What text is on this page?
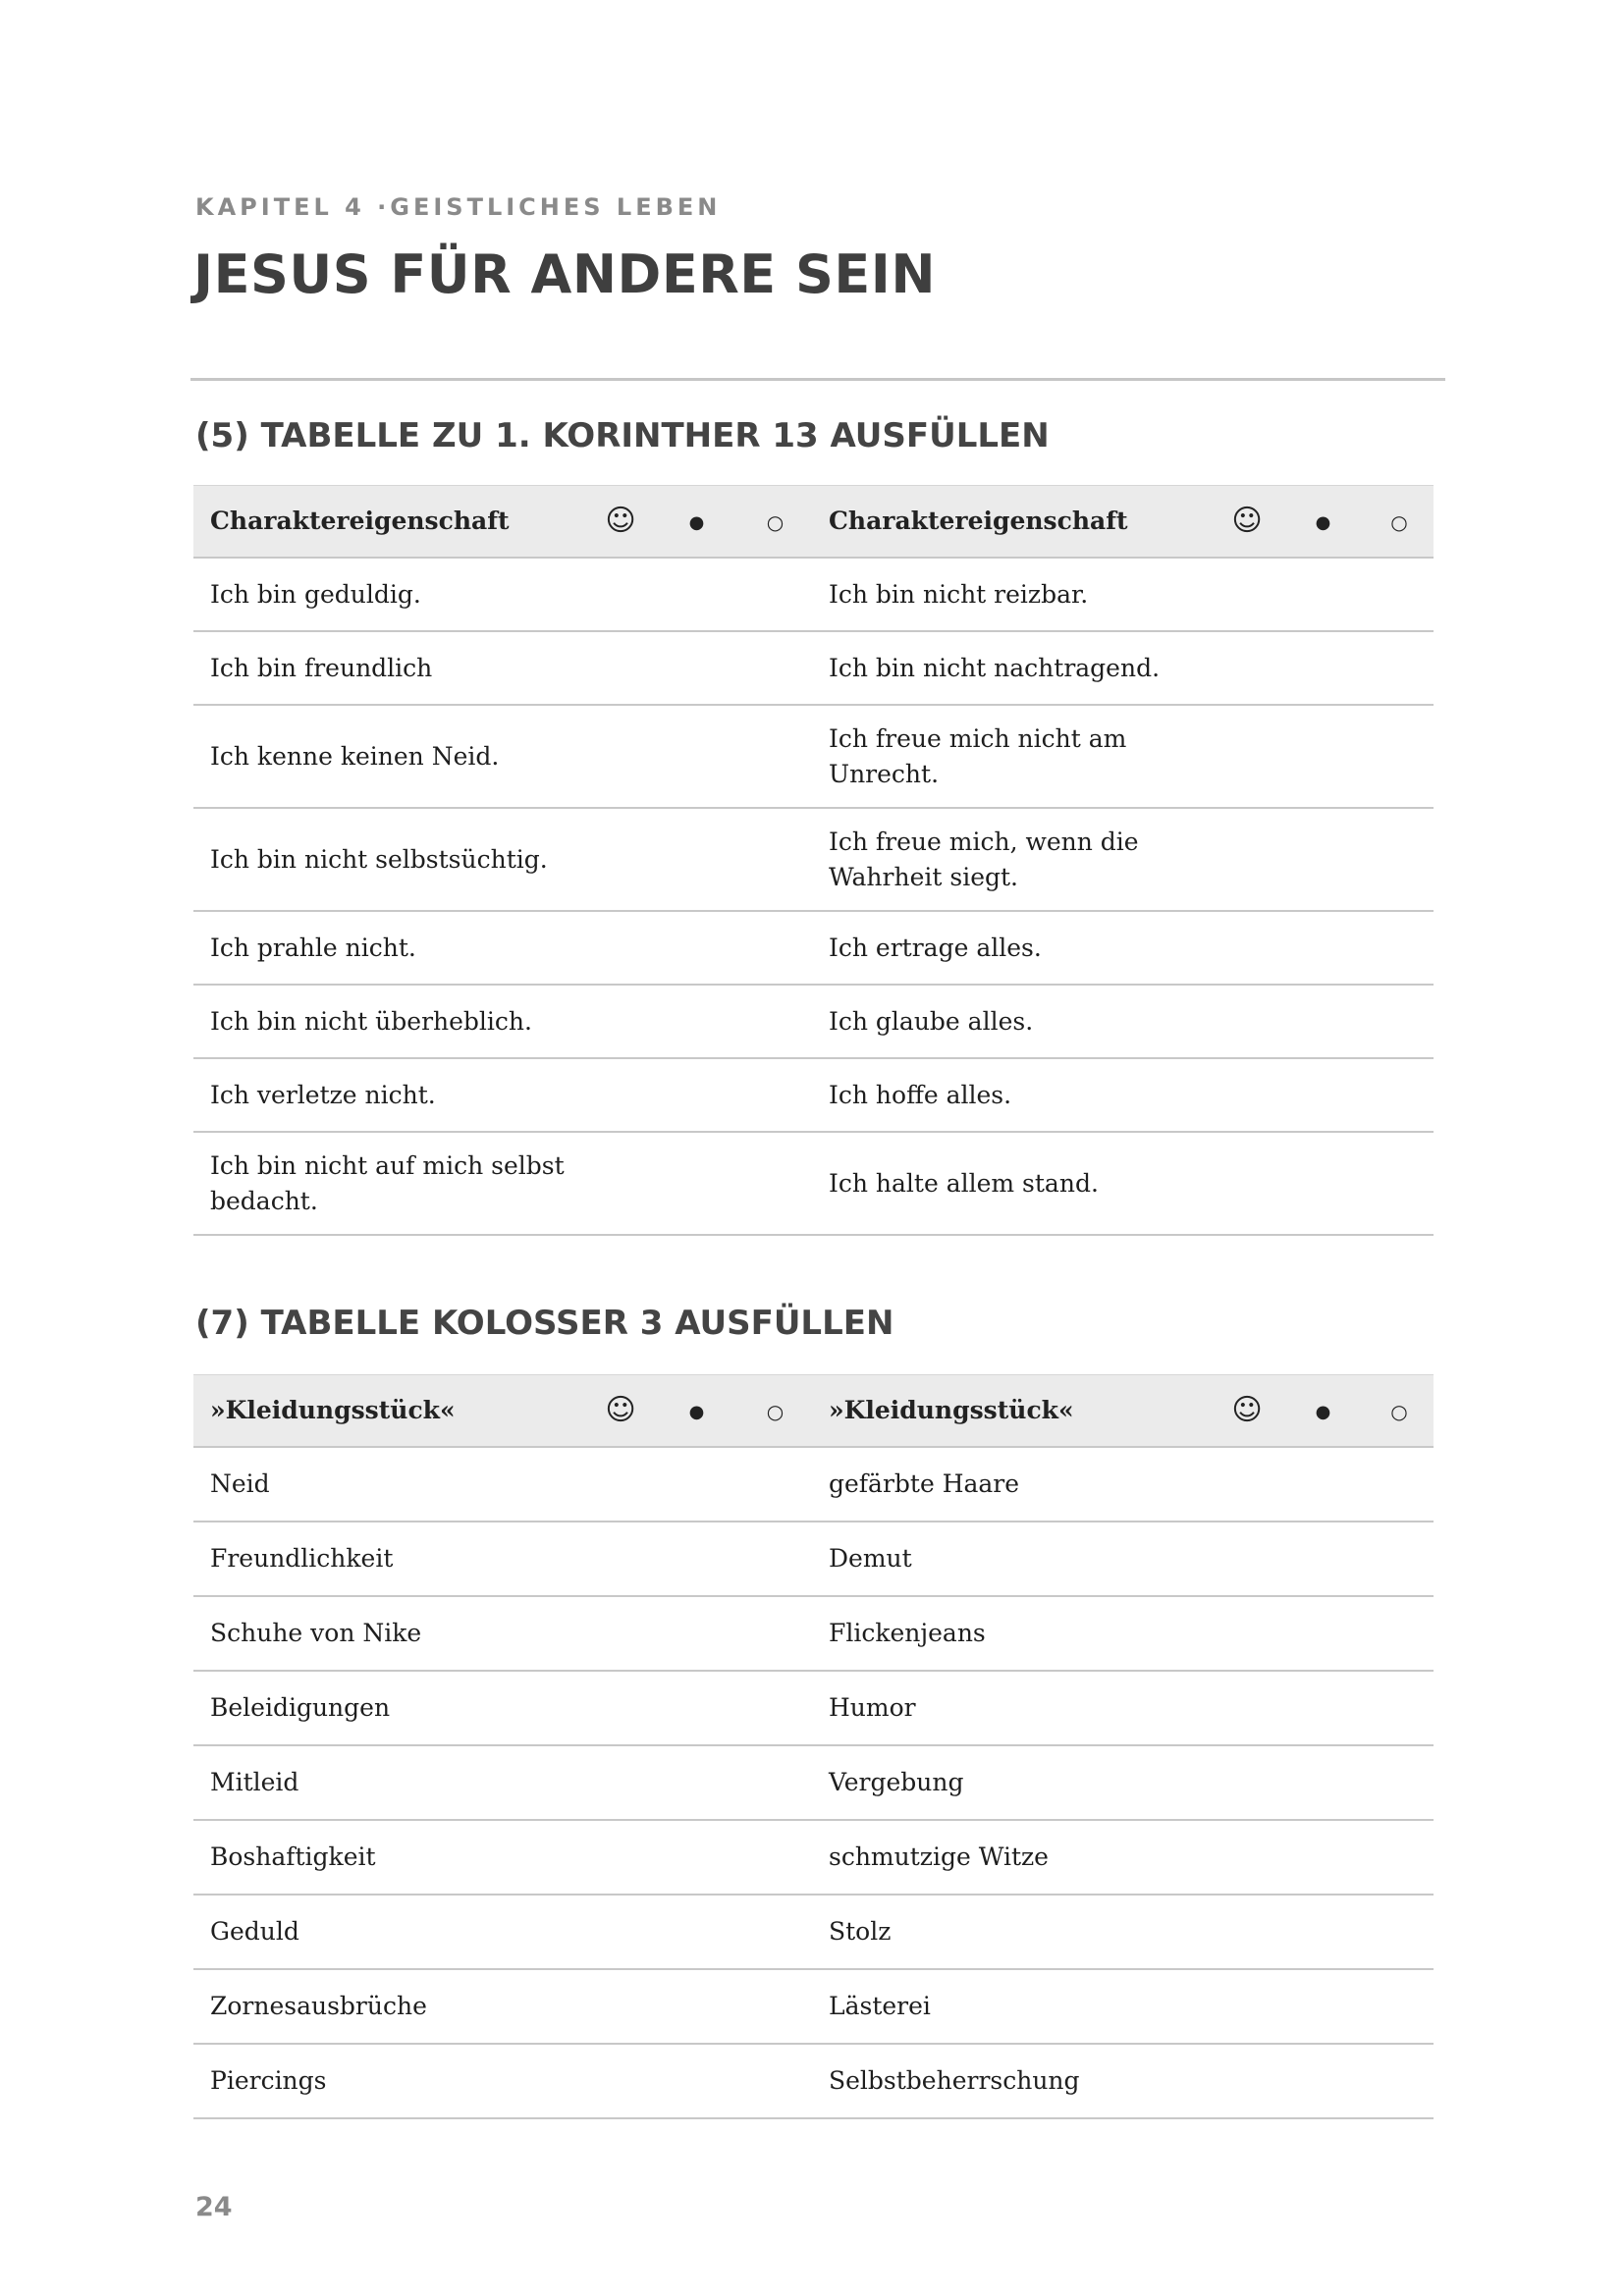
KAPITEL 4 ·GEISTLICHES LEBEN

JESUS FÜR ANDERE SEIN
(5) TABELLE ZU 1. KORINTHER 13 AUSFÜLLEN
Charaktereigenschaft	☺	●	○	Charaktereigenschaft	☺	●	○
Ich bin geduldig.				Ich bin nicht reizbar.			
Ich bin freundlich				Ich bin nicht nachtragend.			
Ich kenne keinen Neid.				Ich freue mich nicht am Unrecht.			
Ich bin nicht selbstsüchtig.				Ich freue mich, wenn die Wahrheit siegt.			
Ich prahle nicht.				Ich ertrage alles.			
Ich bin nicht überheblich.				Ich glaube alles.			
Ich verletze nicht.				Ich hoffe alles.			
Ich bin nicht auf mich selbst bedacht.				Ich halte allem stand.			
(7) TABELLE KOLOSSER 3 AUSFÜLLEN
»Kleidungsstück«	☺	●	○	»Kleidungsstück«	☺	●	○
Neid				gefärbte Haare			
Freundlichkeit				Demut			
Schuhe von Nike				Flickenjeans			
Beleidigungen				Humor			
Mitleid				Vergebung			
Boshaftigkeit				schmutzige Witze			
Geduld				Stolz			
Zornesausbrüche				Lästerei			
Piercings				Selbstbeherrschung			

24
